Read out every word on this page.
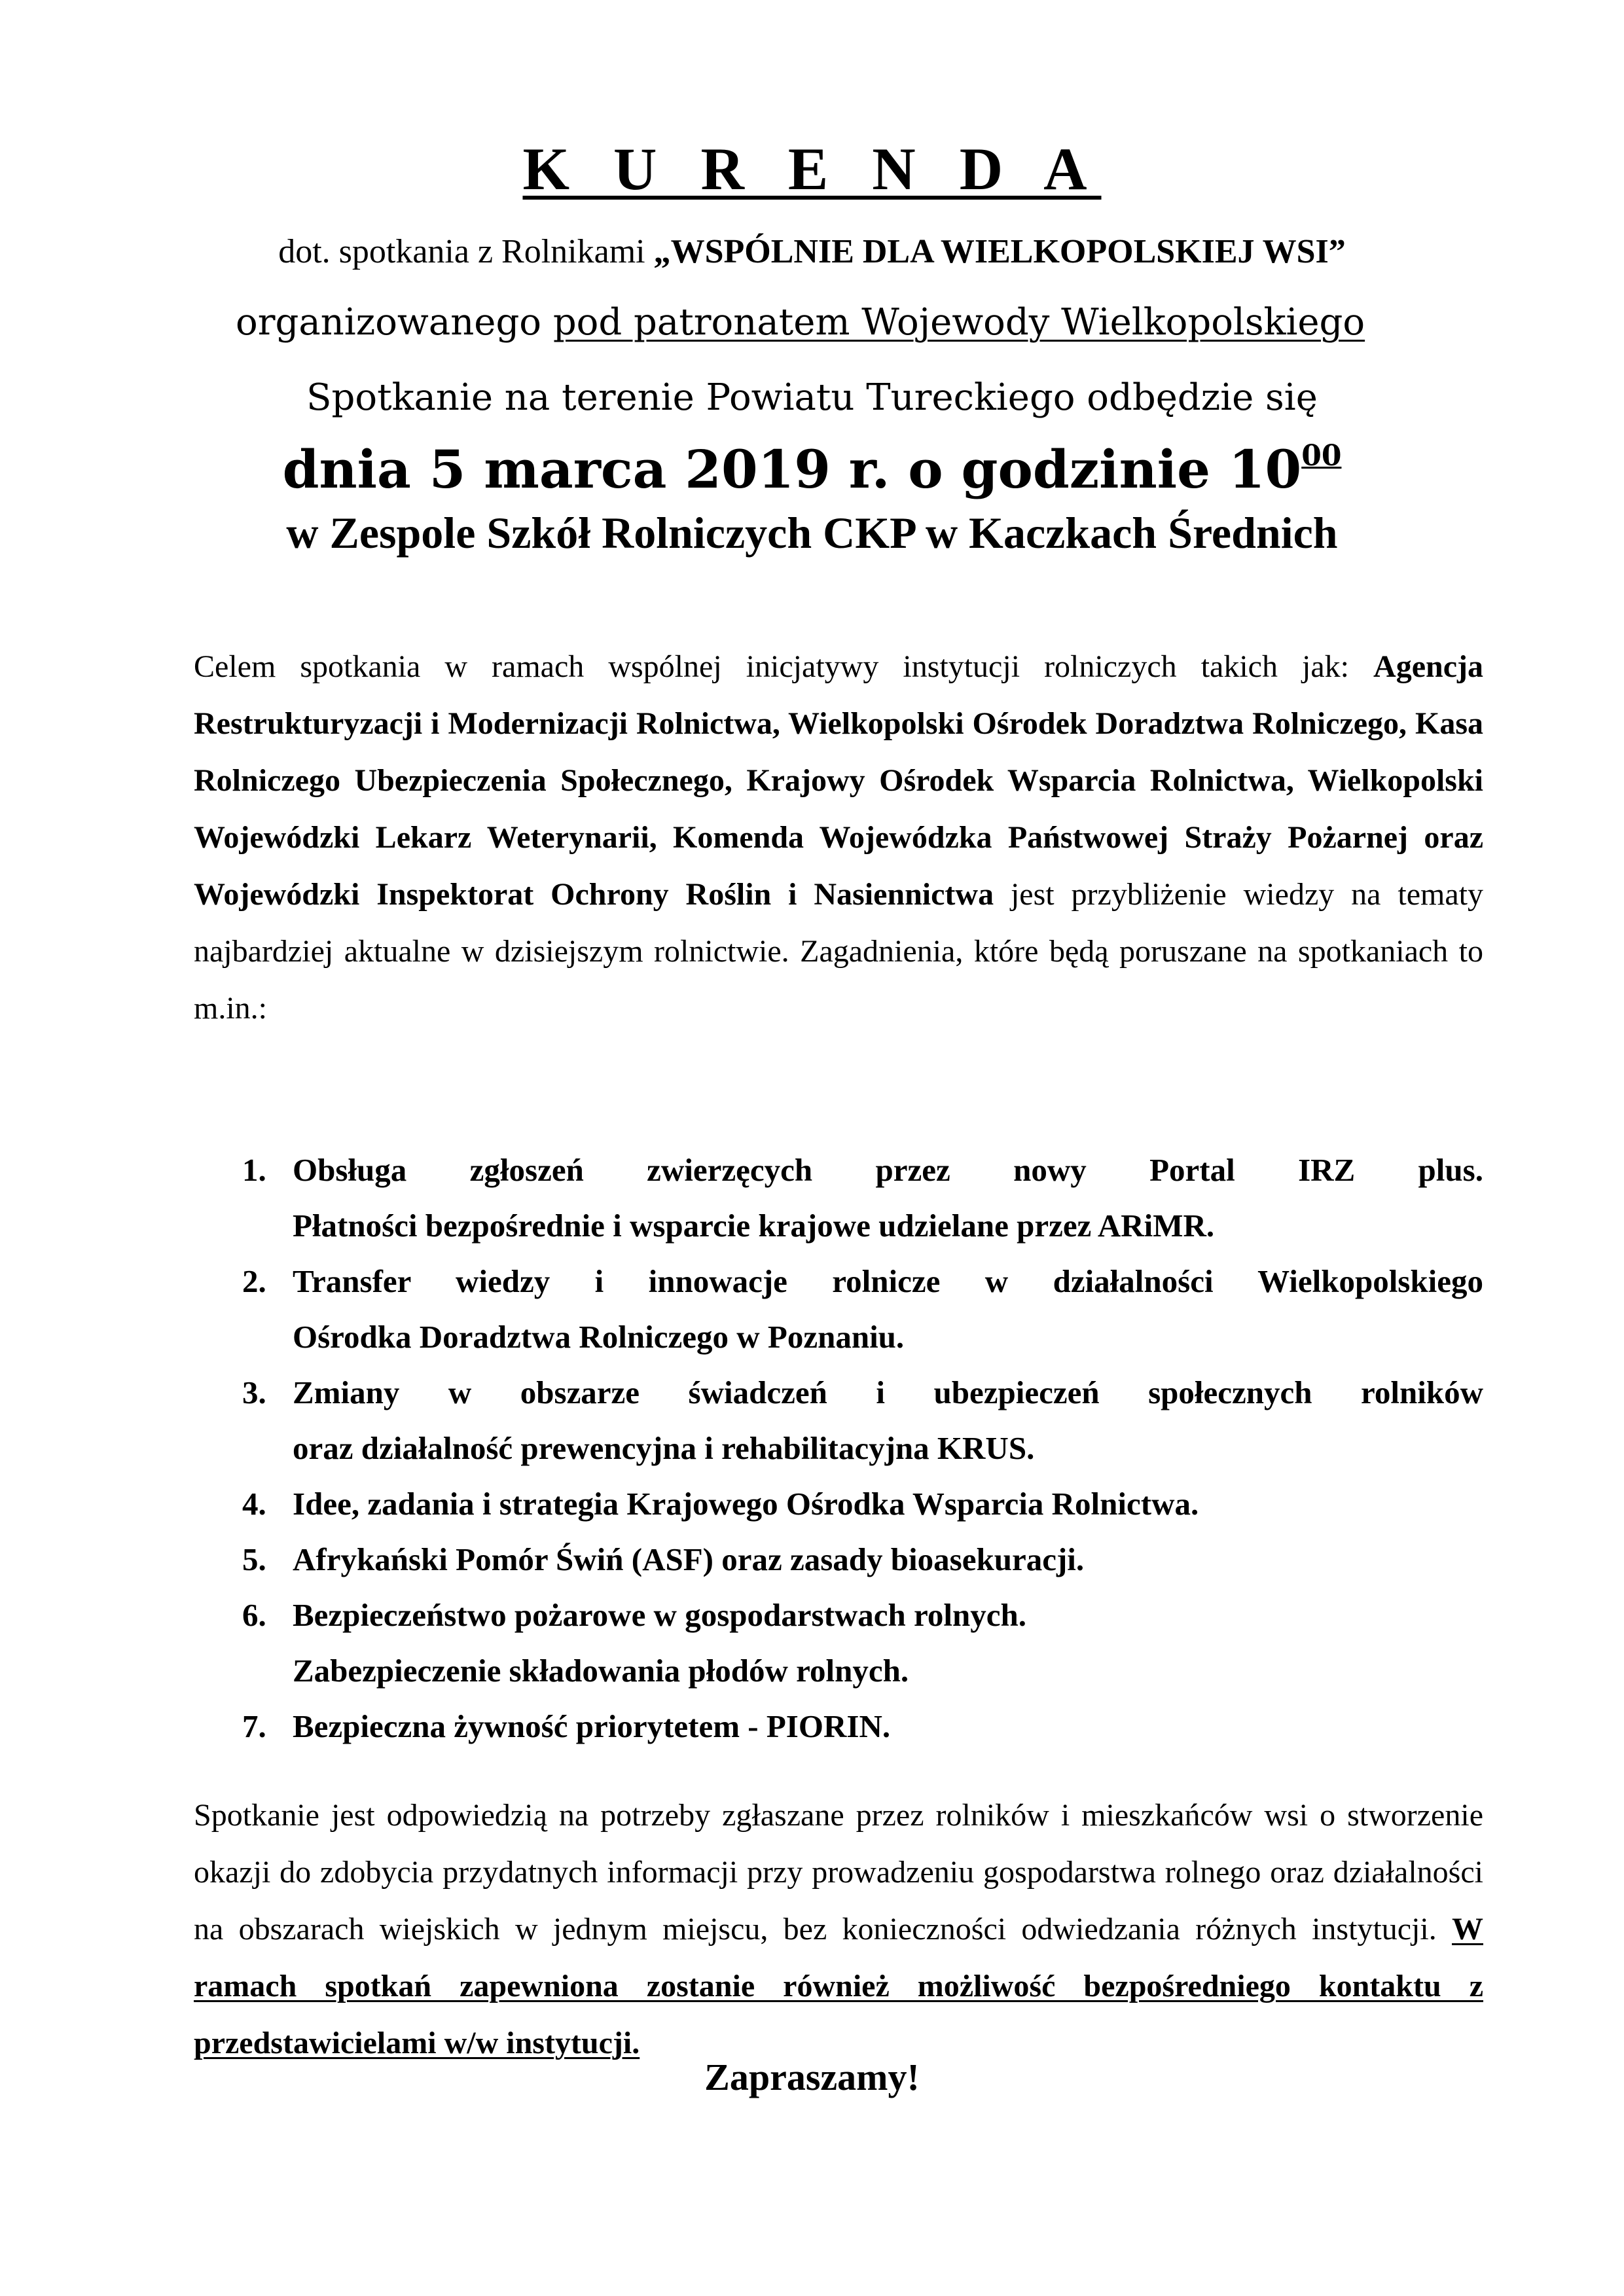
K U R E N D A
dot. spotkania z Rolnikami „WSPÓLNIE DLA WIELKOPOLSKIEJ WSI”
organizowanego pod patronatem Wojewody Wielkopolskiego
Spotkanie na terenie Powiatu Tureckiego odbędzie się
dnia 5 marca 2019 r. o godzinie $10^{00}$
w Zespole Szkół Rolniczych CKP w Kaczkach Średnich
Celem spotkania w ramach wspólnej inicjatywy instytucji rolniczych takich jak: Agencja Restrukturyzacji i Modernizacji Rolnictwa, Wielkopolski Ośrodek Doradztwa Rolniczego, Kasa Rolniczego Ubezpieczenia Społecznego, Krajowy Ośrodek Wsparcia Rolnictwa, Wielkopolski Wojewódzki Lekarz Weterynarii, Komenda Wojewódzka Państwowej Straży Pożarnej oraz Wojewódzki Inspektorat Ochrony Roślin i Nasiennictwa jest przybliżenie wiedzy na tematy najbardziej aktualne w dzisiejszym rolnictwie. Zagadnienia, które będą poruszane na spotkaniach to m.in.:
1. Obsługa zgłoszeń zwierzęcych przez nowy Portal IRZ plus.
Płatności bezpośrednie i wsparcie krajowe udzielane przez ARiMR.
2. Transfer wiedzy i innowacje rolnicze w działalności Wielkopolskiego
Ośrodka Doradztwa Rolniczego w Poznaniu.
3. Zmiany w obszarze świadczeń i ubezpieczeń społecznych rolników
oraz działalność prewencyjna i rehabilitacyjna KRUS.
4. Idee, zadania i strategia Krajowego Ośrodka Wsparcia Rolnictwa.
5. Afrykański Pomór Świń (ASF) oraz zasady bioasekuracji.
6. Bezpieczeństwo pożarowe w gospodarstwach rolnych.
Zabezpieczenie składowania płodów rolnych.
7. Bezpieczna żywność priorytetem - PIORIN.
Spotkanie jest odpowiedzią na potrzeby zgłaszane przez rolników i mieszkańców wsi o stworzenie okazji do zdobycia przydatnych informacji przy prowadzeniu gospodarstwa rolnego oraz działalności na obszarach wiejskich w jednym miejscu, bez konieczności odwiedzania różnych instytucji. W ramach spotkań zapewniona zostanie również możliwość bezpośredniego kontaktu z przedstawicielami w/w instytucji.
Zapraszamy!
